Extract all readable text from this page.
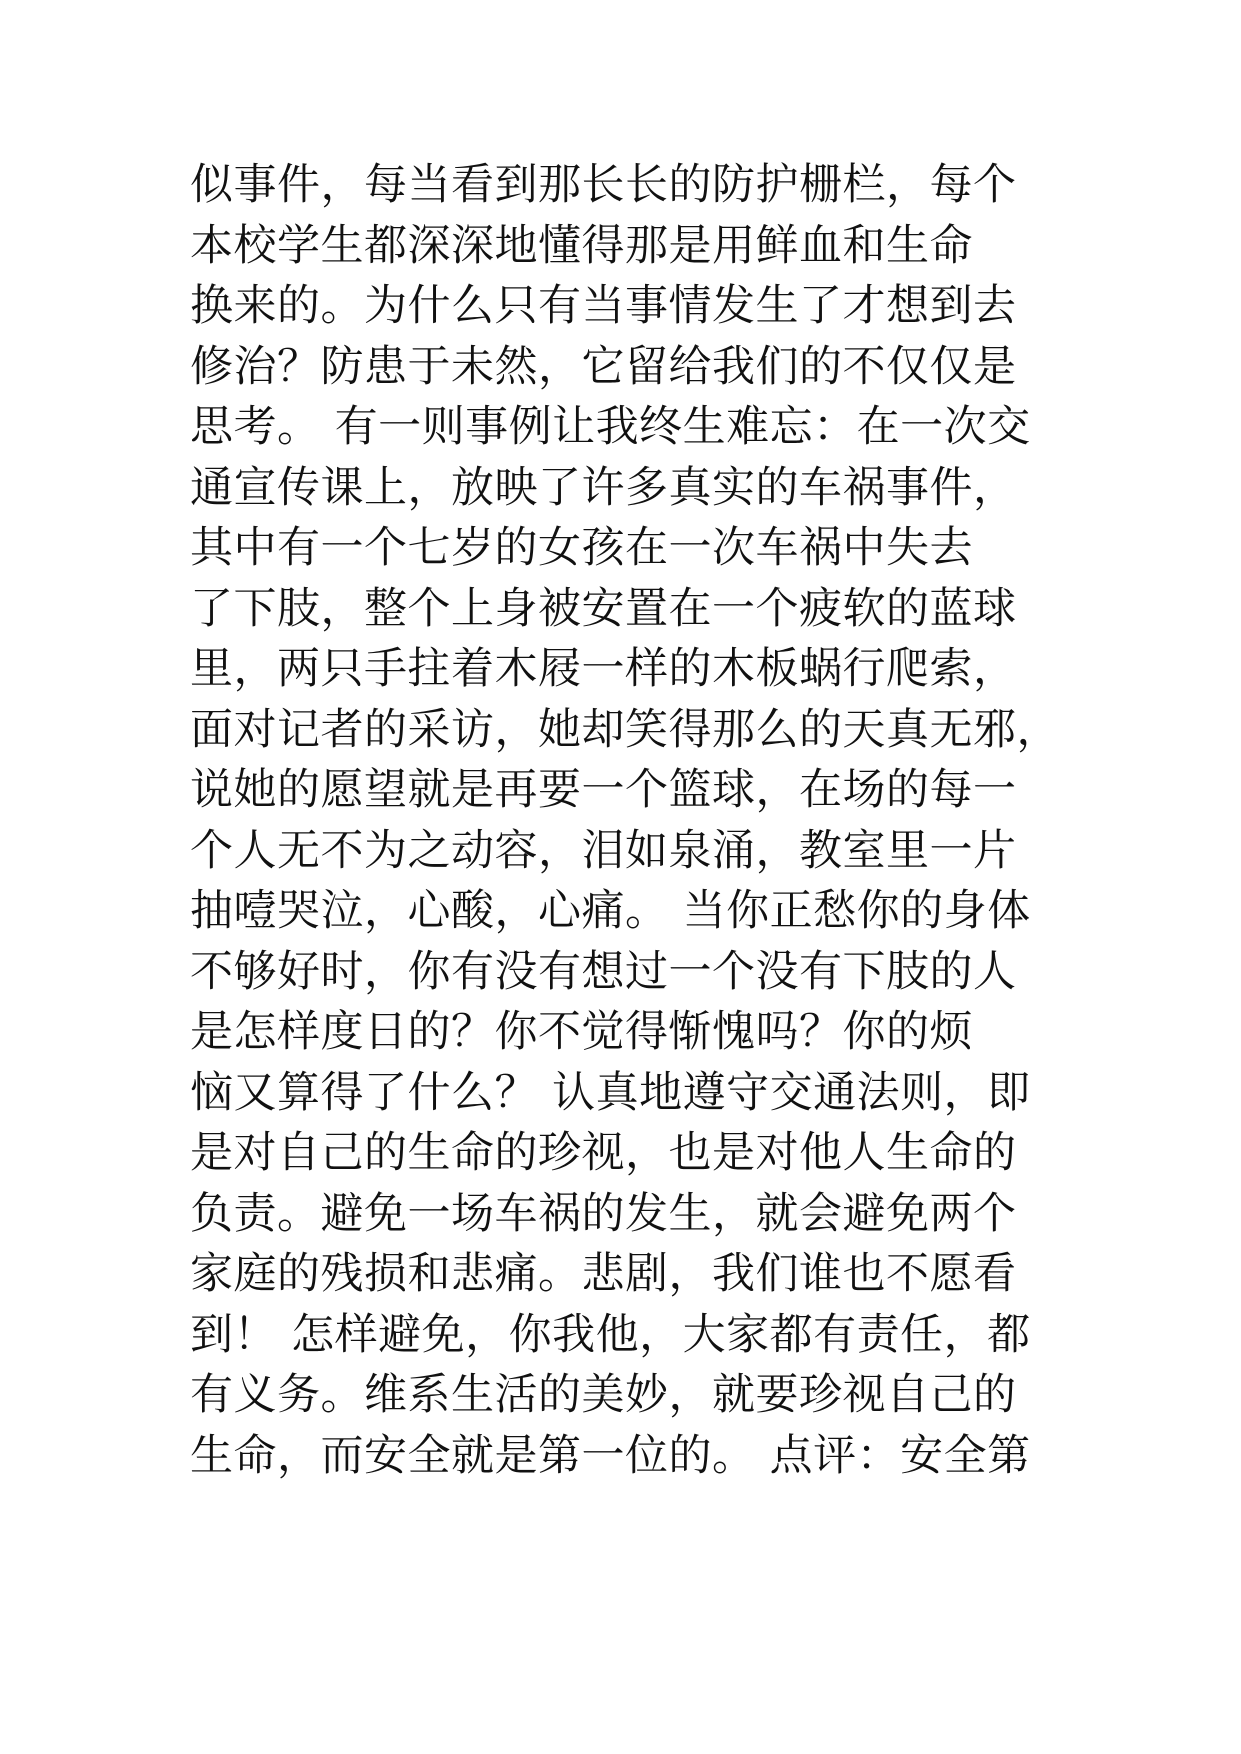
似事件，每当看到那长长的防护栅栏，每个
本校学生都深深地懂得那是用鲜血和生命
换来的。为什么只有当事情发生了才想到去
修治？防患于未然，它留给我们的不仅仅是
思考。 有一则事例让我终生难忘：在一次交
通宣传课上，放映了许多真实的车祸事件，
其中有一个七岁的女孩在一次车祸中失去
了下肢，整个上身被安置在一个疲软的蓝球
里，两只手拄着木屐一样的木板蜗行爬索，
面对记者的采访，她却笑得那么的天真无邪，
说她的愿望就是再要一个篮球，在场的每一
个人无不为之动容，泪如泉涌，教室里一片
抽噎哭泣，心酸，心痛。 当你正愁你的身体
不够好时，你有没有想过一个没有下肢的人
是怎样度日的？你不觉得惭愧吗？你的烦
恼又算得了什么？ 认真地遵守交通法则，即
是对自己的生命的珍视，也是对他人生命的
负责。避免一场车祸的发生，就会避免两个
家庭的残损和悲痛。悲剧，我们谁也不愿看
到！ 怎样避免，你我他，大家都有责任，都
有义务。维系生活的美妙，就要珍视自己的
生命，而安全就是第一位的。 点评：安全第
